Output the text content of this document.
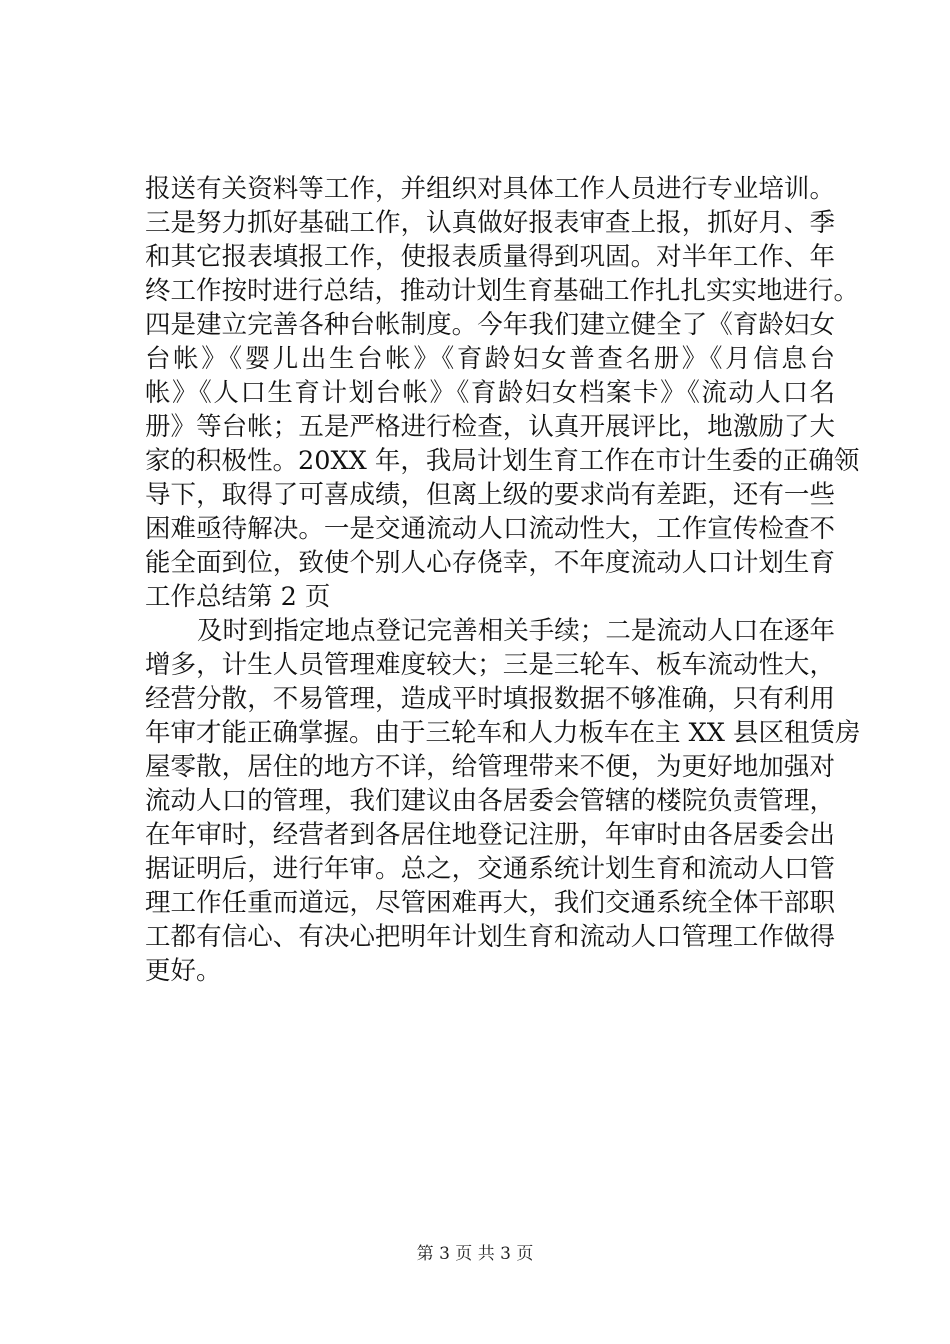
报送有关资料等工作，并组织对具体工作人员进行专业培训。
三是努力抓好基础工作，认真做好报表审查上报，抓好月、季
和其它报表填报工作，使报表质量得到巩固。对半年工作、年
终工作按时进行总结，推动计划生育基础工作扎扎实实地进行。
四是建立完善各种台帐制度。今年我们建立健全了《育龄妇女
台帐》《婴儿出生台帐》《育龄妇女普查名册》《月信息台
帐》《人口生育计划台帐》《育龄妇女档案卡》《流动人口名
册》等台帐；五是严格进行检查，认真开展评比，地激励了大
家的积极性。20XX 年，我局计划生育工作在市计生委的正确领
导下，取得了可喜成绩，但离上级的要求尚有差距，还有一些
困难亟待解决。一是交通流动人口流动性大，工作宣传检查不
能全面到位，致使个别人心存侥幸，不年度流动人口计划生育
工作总结第 2 页
及时到指定地点登记完善相关手续；二是流动人口在逐年
增多，计生人员管理难度较大；三是三轮车、板车流动性大，
经营分散，不易管理，造成平时填报数据不够准确，只有利用
年审才能正确掌握。由于三轮车和人力板车在主 XX 县区租赁房
屋零散，居住的地方不详，给管理带来不便，为更好地加强对
流动人口的管理，我们建议由各居委会管辖的楼院负责管理，
在年审时，经营者到各居住地登记注册，年审时由各居委会出
据证明后，进行年审。总之，交通系统计划生育和流动人口管
理工作任重而道远，尽管困难再大，我们交通系统全体干部职
工都有信心、有决心把明年计划生育和流动人口管理工作做得
更好。
第 3 页 共 3 页
